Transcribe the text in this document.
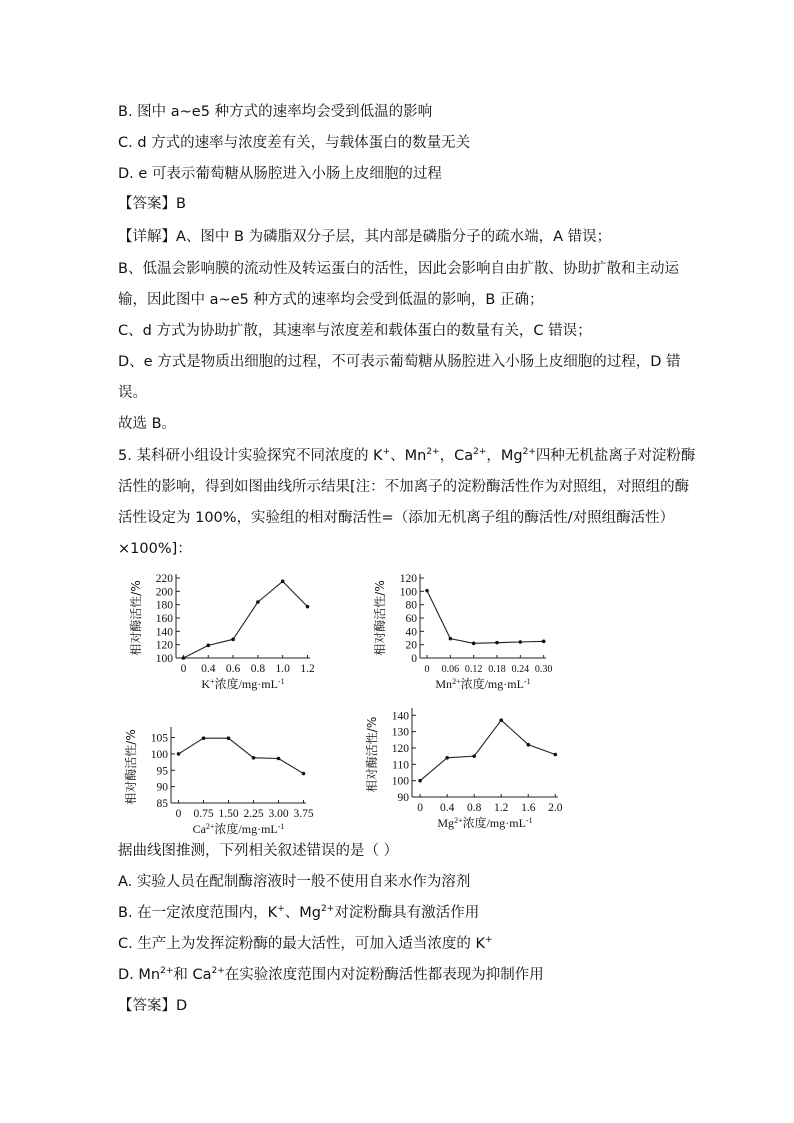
B. 图中 a~e5 种方式的速率均会受到低温的影响
C. d 方式的速率与浓度差有关，与载体蛋白的数量无关
D. e 可表示葡萄糖从肠腔进入小肠上皮细胞的过程
【答案】B
【详解】A、图中 B 为磷脂双分子层，其内部是磷脂分子的疏水端，A 错误；
B、低温会影响膜的流动性及转运蛋白的活性，因此会影响自由扩散、协助扩散和主动运
输，因此图中 a~e5 种方式的速率均会受到低温的影响，B 正确；
C、d 方式为协助扩散，其速率与浓度差和载体蛋白的数量有关，C 错误；
D、e 方式是物质出细胞的过程，不可表示葡萄糖从肠腔进入小肠上皮细胞的过程，D 错
误。
故选 B。
5. 某科研小组设计实验探究不同浓度的 K+、$Mn^{2+}$，$Ca^{2+}$，$Mg^{2+}$四种无机盐离子对淀粉酶
活性的影响，得到如图曲线所示结果[注：不加离子的淀粉酶活性作为对照组，对照组的酶
活性设定为 100%，实验组的相对酶活性=（添加无机离子组的酶活性/对照组酶活性）
×100%]：
100
120
140
160
180
200
220
0 0.4 0.6 0.8 1.0 1.2
相对酶活性/%
K+浓度$/mg\cdot mL^{-1}$
0
20
40
60
80
100
120
0 0.06 0.12 0.18 0.24 0.30
相对酶活性/%
$Mn^{2+}$浓度$/mg\cdot mL^{-1}$
85
90
95
100
105
0 0.75 1.50 2.25 3.00 3.75
相对酶活性/%
$Ca^{2+}$浓度$/mg\cdot mL^{-1}$
90
100
110
120
130
140
0 0.4 0.8 1.2 1.6 2.0
相对酶活性/%
$Mg^{2+}$浓度$/mg\cdot mL^{-1}$
据曲线图推测，下列相关叙述错误的是（ ）
A. 实验人员在配制酶溶液时一般不使用自来水作为溶剂
B. 在一定浓度范围内，K+、$Mg^{2+}$对淀粉酶具有激活作用
C. 生产上为发挥淀粉酶的最大活性，可加入适当浓度的 K+
D. $Mn^{2+}$和 $Ca^{2+}$在实验浓度范围内对淀粉酶活性都表现为抑制作用
【答案】D
